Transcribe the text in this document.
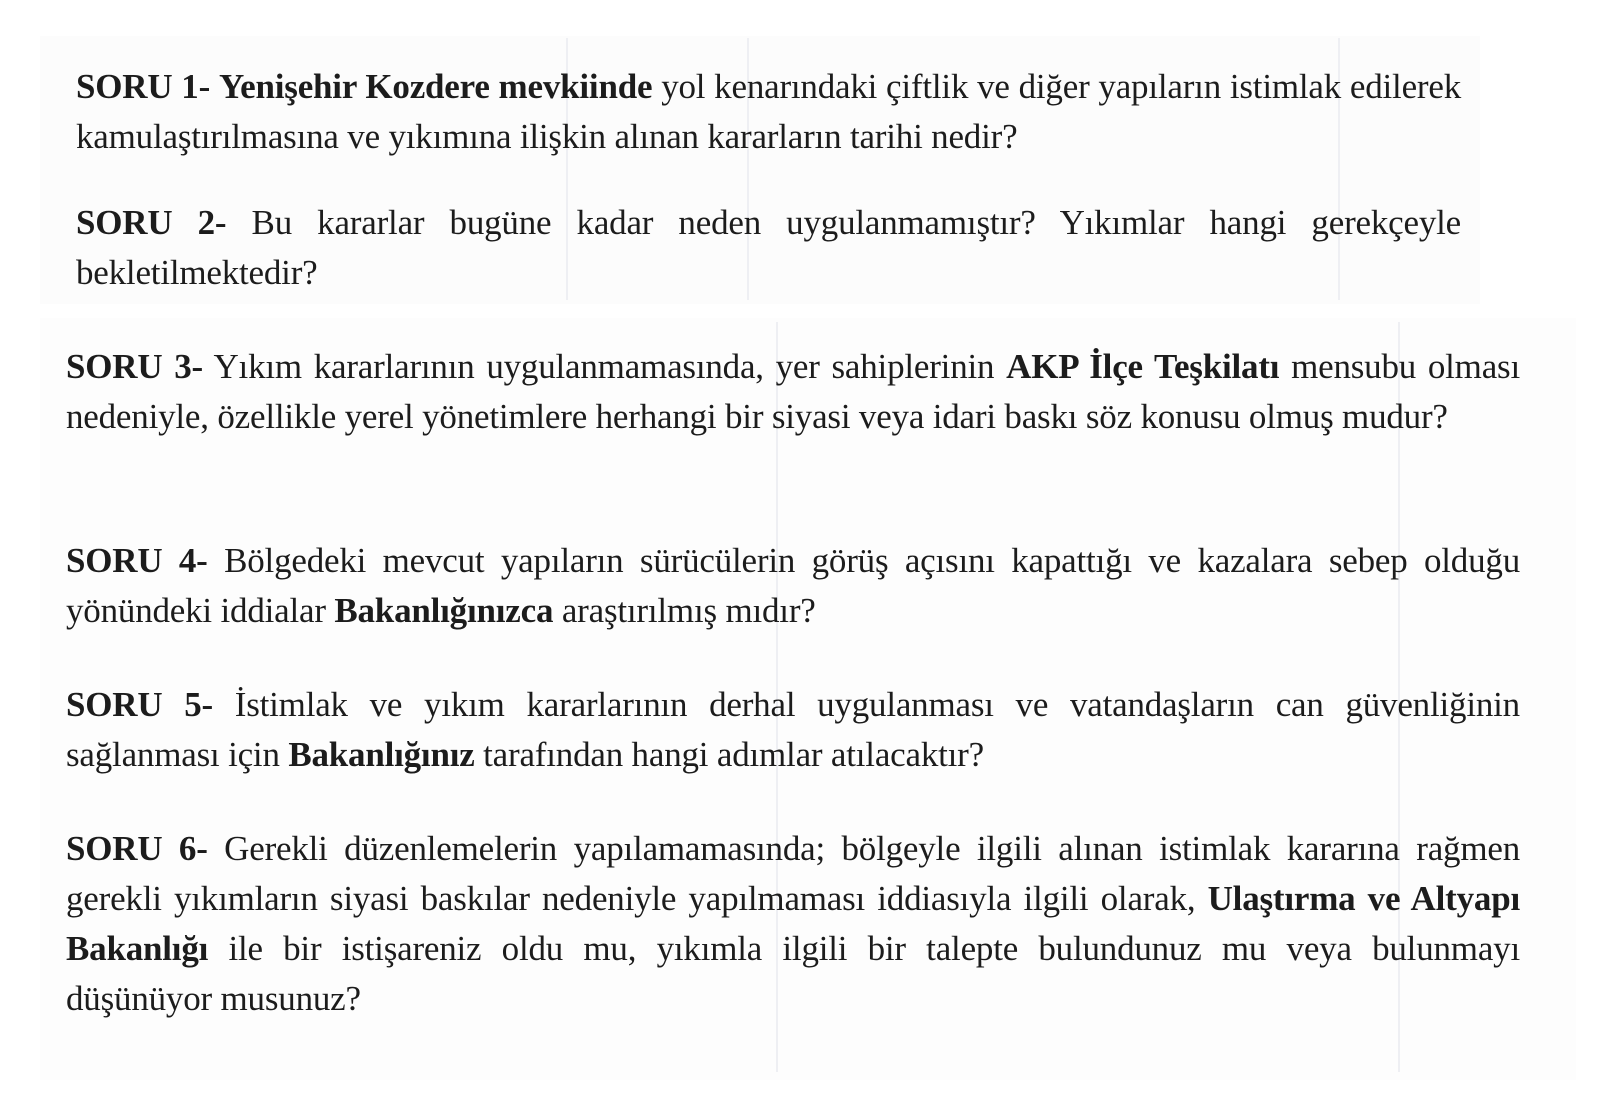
SORU 1- Yenişehir Kozdere mevkiinde yol kenarındaki çiftlik ve diğer yapıların istimlak edilerek kamulaştırılmasına ve yıkımına ilişkin alınan kararların tarihi nedir?

SORU 2- Bu kararlar bugüne kadar neden uygulanmamıştır? Yıkımlar hangi gerekçeyle bekletilmektedir?

SORU 3- Yıkım kararlarının uygulanmamasında, yer sahiplerinin AKP İlçe Teşkilatı mensubu olması nedeniyle, özellikle yerel yönetimlere herhangi bir siyasi veya idari baskı söz konusu olmuş mudur?

SORU 4- Bölgedeki mevcut yapıların sürücülerin görüş açısını kapattığı ve kazalara sebep olduğu yönündeki iddialar Bakanlığınızca araştırılmış mıdır?

SORU 5- İstimlak ve yıkım kararlarının derhal uygulanması ve vatandaşların can güvenliğinin sağlanması için Bakanlığınız tarafından hangi adımlar atılacaktır?

SORU 6- Gerekli düzenlemelerin yapılamamasında; bölgeyle ilgili alınan istimlak kararına rağmen gerekli yıkımların siyasi baskılar nedeniyle yapılmaması iddiasıyla ilgili olarak, Ulaştırma ve Altyapı Bakanlığı ile bir istişareniz oldu mu, yıkımla ilgili bir talepte bulundunuz mu veya bulunmayı düşünüyor musunuz?
